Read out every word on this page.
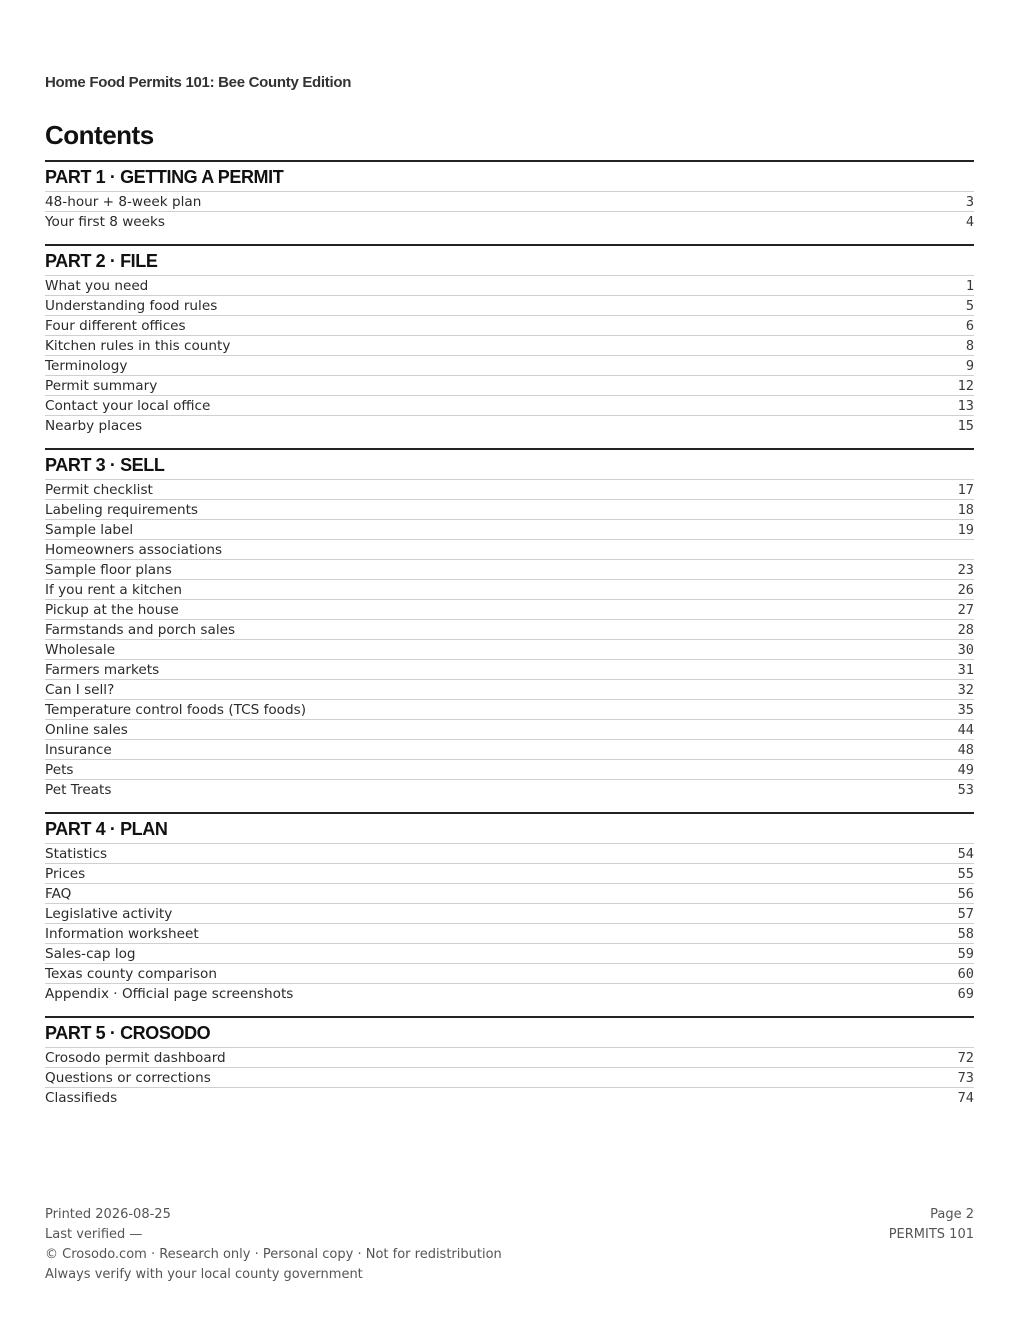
Home Food Permits 101: Bee County Edition
Contents
PART 1 · GETTING A PERMIT
48-hour + 8-week plan	3
Your first 8 weeks	4
PART 2 · FILE
What you need	1
Understanding food rules	5
Four different offices	6
Kitchen rules in this county	8
Terminology	9
Permit summary	12
Contact your local office	13
Nearby places	15
PART 3 · SELL
Permit checklist	17
Labeling requirements	18
Sample label	19
Homeowners associations
Sample floor plans	23
If you rent a kitchen	26
Pickup at the house	27
Farmstands and porch sales	28
Wholesale	30
Farmers markets	31
Can I sell?	32
Temperature control foods (TCS foods)	35
Online sales	44
Insurance	48
Pets	49
Pet Treats	53
PART 4 · PLAN
Statistics	54
Prices	55
FAQ	56
Legislative activity	57
Information worksheet	58
Sales-cap log	59
Texas county comparison	60
Appendix · Official page screenshots	69
PART 5 · CROSODO
Crosodo permit dashboard	72
Questions or corrections	73
Classifieds	74
Printed 2026-08-25
Last verified —
© Crosodo.com · Research only · Personal copy · Not for redistribution
Always verify with your local county government
Page 2
PERMITS 101
